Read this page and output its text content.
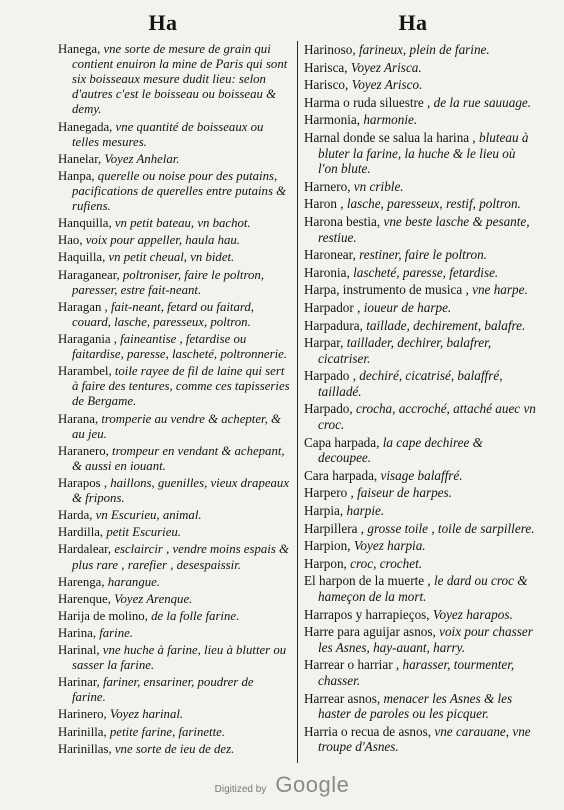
Ha	Ha
Hanega, vne sorte de mesure de grain qui contient enuiron la mine de Paris qui sont six boisseaux mesure dudit lieu: selon d'autres c'est le boisseau ou boisseau & demy.
Hanegada, vne quantité de boisseaux ou telles mesures.
Hanelar, Voyez Anhelar.
Hanpa, querelle ou noise pour des putains, pacifications de querelles entre putains & rufiens.
Hanquilla, vn petit bateau, vn bachot.
Hao, voix pour appeller, haula hau.
Haquilla, vn petit cheual, vn bidet.
Haraganear, poltroniser, faire le poltron, paresser, estre fait-neant.
Haragan , fait-neant, fetard ou faitard, couard, lasche, paresseux, poltron.
Haragania , faineantise , fetardise ou faitardise, paresse, lascheté, poltronnerie.
Harambel, toile rayee de fil de laine qui sert à faire des tentures, comme ces tapisseries de Bergame.
Harana, tromperie au vendre & achepter, & au jeu.
Haranero, trompeur en vendant & achepant, & aussi en iouant.
Harapos , haillons, guenilles, vieux drapeaux & fripons.
Harda, vn Escurieu, animal.
Hardilla, petit Escurieu.
Hardalear, esclaircir , vendre moins espais & plus rare , rarefier , desespaissir.
Harenga, harangue.
Harenque, Voyez Arenque.
Harija de molino, de la folle farine.
Harina, farine.
Harinal, vne huche à farine, lieu à blutter ou sasser la farine.
Harinar, fariner, ensariner, poudrer de farine.
Harinero, Voyez harinal.
Harinilla, petite farine, farinette.
Harinillas, vne sorte de ieu de dez.
Harinoso, farineux, plein de farine.
Harisca, Voyez Arisca.
Harisco, Voyez Arisco.
Harma o ruda siluestre , de la rue sauuage.
Harmonia, harmonie.
Harnal donde se salua la harina , bluteau à bluter la farine, la huche & le lieu où l'on blute.
Harnero, vn crible.
Haron , lasche, paresseux, restif, poltron.
Harona bestia, vne beste lasche & pesante, restiue.
Haronear, restiner, faire le poltron.
Haronia, lascheté, paresse, fetardise.
Harpa, instrumento de musica , vne harpe.
Harpador , ioueur de harpe.
Harpadura, taillade, dechirement, balafre.
Harpar, taillader, dechirer, balafrer, cicatriser.
Harpado , dechiré, cicatrisé, balaffré, tailladé.
Harpado, crocha, accroché, attaché auec vn croc.
Capa harpada, la cape dechiree & decoupee.
Cara harpada, visage balaffré.
Harpero , faiseur de harpes.
Harpia, harpie.
Harpillera , grosse toile , toile de sarpillere.
Harpion, Voyez harpia.
Harpon, croc, crochet.
El harpon de la muerte , le dard ou croc & hameçon de la mort.
Harrapos y harrapieços, Voyez harapos.
Harre para aguijar asnos, voix pour chasser les Asnes, hay-auant, harry.
Harrear o harriar , harasser, tourmenter, chasser.
Harrear asnos, menacer les Asnes & les haster de paroles ou les picquer.
Harria o recua de asnos, vne carauane, vne troupe d'Asnes.
Digitized by Google
